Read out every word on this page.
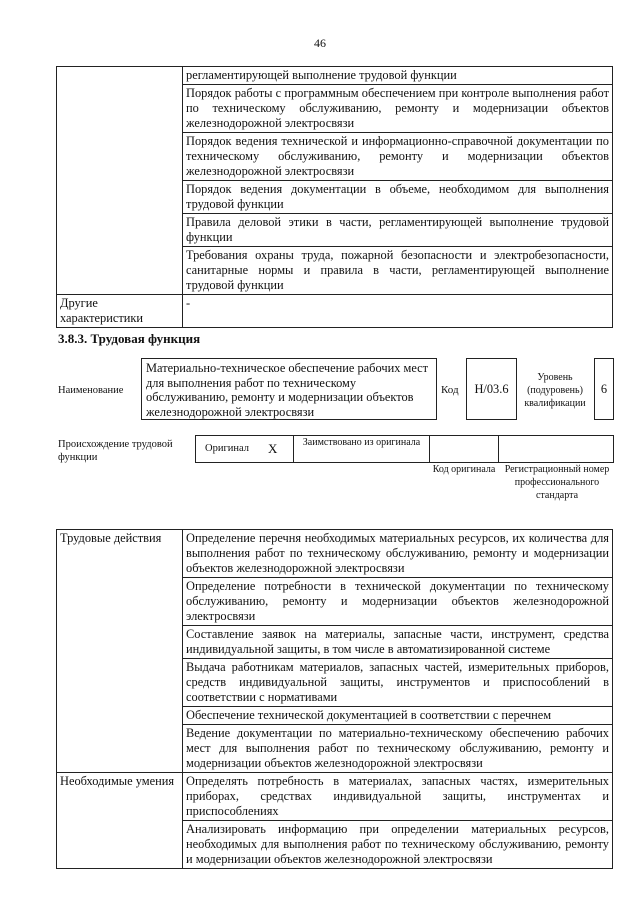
46
	регламентирующей выполнение трудовой функции
	Порядок работы с программным обеспечением при контроле выполнения работ по техническому обслуживанию, ремонту и модернизации объектов железнодорожной электросвязи
	Порядок ведения технической и информационно-справочной документации по техническому обслуживанию, ремонту и модернизации объектов железнодорожной электросвязи
	Порядок ведения документации в объеме, необходимом для выполнения трудовой функции
	Правила деловой этики в части, регламентирующей выполнение трудовой функции
	Требования охраны труда, пожарной безопасности и электробезопасности, санитарные нормы и правила в части, регламентирующей выполнение трудовой функции
Другие характеристики	-
3.8.3. Трудовая функция
Наименование
Материально-техническое обеспечение рабочих мест для выполнения работ по техническому обслуживанию, ремонту и модернизации объектов железнодорожной электросвязи
Код	Н/03.6
Уровень (подуровень) квалификации
6
Происхождение трудовой функции
Оригинал X	Заимствовано из оригинала
Код оригинала Регистрационный номер профессионального стандарта
Трудовые действия	Определение перечня необходимых материальных ресурсов, их количества для выполнения работ по техническому обслуживанию, ремонту и модернизации объектов железнодорожной электросвязи
	Определение потребности в технической документации по техническому обслуживанию, ремонту и модернизации объектов железнодорожной электросвязи
	Составление заявок на материалы, запасные части, инструмент, средства индивидуальной защиты, в том числе в автоматизированной системе
	Выдача работникам материалов, запасных частей, измерительных приборов, средств индивидуальной защиты, инструментов и приспособлений в соответствии с нормативами
	Обеспечение технической документацией в соответствии с перечнем
	Ведение документации по материально-техническому обеспечению рабочих мест для выполнения работ по техническому обслуживанию, ремонту и модернизации объектов железнодорожной электросвязи
Необходимые умения	Определять потребность в материалах, запасных частях, измерительных приборах, средствах индивидуальной защиты, инструментах и приспособлениях
	Анализировать информацию при определении материальных ресурсов, необходимых для выполнения работ по техническому обслуживанию, ремонту и модернизации объектов железнодорожной электросвязи
